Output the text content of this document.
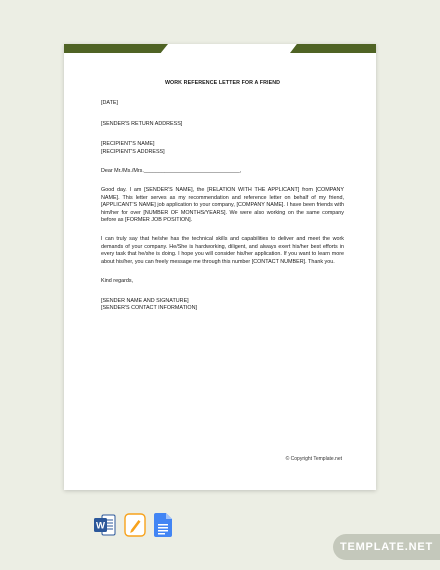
WORK REFERENCE LETTER FOR A FRIEND

[DATE]

[SENDER'S RETURN ADDRESS]

[RECIPIENT'S NAME]

[RECIPIENT'S ADDRESS]

Dear Mr./Ms./Mrs.________________________________,

Good day. I am [SENDER'S NAME], the [RELATION WITH THE APPLICANT] from [COMPANY NAME]. This letter serves as my recommendation and reference letter on behalf of my friend, [APPLICANT'S NAME] job application to your company, [COMPANY NAME]. I have been friends with him/her for over [NUMBER OF MONTHS/YEARS]. We were also working on the same company before as [FORMER JOB POSITION].

I can truly say that he/she has the technical skills and capabilities to deliver and meet the work demands of your company. He/She is hardworking, diligent, and always exert his/her best efforts in every task that he/she is doing. I hope you will consider his/her application. If you want to learn more about his/her, you can freely message me through this number [CONTACT NUMBER]. Thank you.

Kind regards,

[SENDER NAME AND SIGNATURE]

[SENDER'S CONTACT INFORMATION]

© Copyright Template.net
W
TEMPLATE.NET
